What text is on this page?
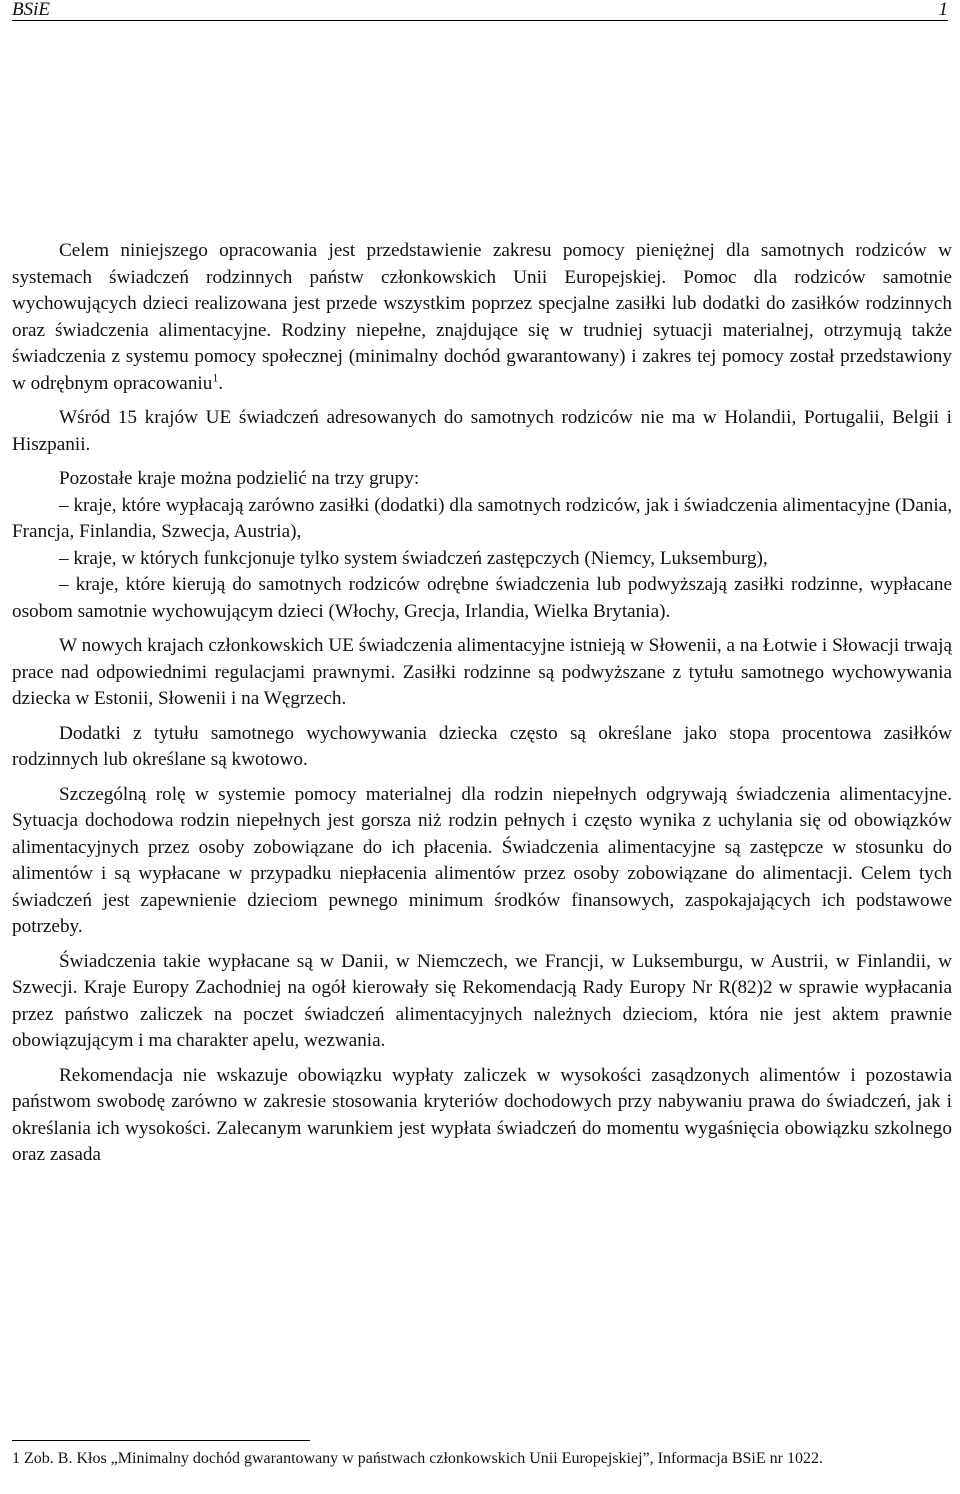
BSiE	1

Celem niniejszego opracowania jest przedstawienie zakresu pomocy pieniężnej dla samotnych rodziców w systemach świadczeń rodzinnych państw członkowskich Unii Europejskiej. Pomoc dla rodziców samotnie wychowujących dzieci realizowana jest przede wszystkim poprzez specjalne zasiłki lub dodatki do zasiłków rodzinnych oraz świadczenia alimentacyjne. Rodziny niepełne, znajdujące się w trudniej sytuacji materialnej, otrzymują także świadczenia z systemu pomocy społecznej (minimalny dochód gwarantowany) i zakres tej pomocy został przedstawiony w odrębnym opracowaniu$^1$.

Wśród 15 krajów UE świadczeń adresowanych do samotnych rodziców nie ma w Holandii, Portugalii, Belgii i Hiszpanii.

Pozostałe kraje można podzielić na trzy grupy:

– kraje, które wypłacają zarówno zasiłki (dodatki) dla samotnych rodziców, jak i świadczenia alimentacyjne (Dania, Francja, Finlandia, Szwecja, Austria),

– kraje, w których funkcjonuje tylko system świadczeń zastępczych (Niemcy, Luksemburg),

– kraje, które kierują do samotnych rodziców odrębne świadczenia lub podwyższają zasiłki rodzinne, wypłacane osobom samotnie wychowującym dzieci (Włochy, Grecja, Irlandia, Wielka Brytania).

W nowych krajach członkowskich UE świadczenia alimentacyjne istnieją w Słowenii, a na Łotwie i Słowacji trwają prace nad odpowiednimi regulacjami prawnymi. Zasiłki rodzinne są podwyższane z tytułu samotnego wychowywania dziecka w Estonii, Słowenii i na Węgrzech.

Dodatki z tytułu samotnego wychowywania dziecka często są określane jako stopa procentowa zasiłków rodzinnych lub określane są kwotowo.

Szczególną rolę w systemie pomocy materialnej dla rodzin niepełnych odgrywają świadczenia alimentacyjne. Sytuacja dochodowa rodzin niepełnych jest gorsza niż rodzin pełnych i często wynika z uchylania się od obowiązków alimentacyjnych przez osoby zobowiązane do ich płacenia. Świadczenia alimentacyjne są zastępcze w stosunku do alimentów i są wypłacane w przypadku niepłacenia alimentów przez osoby zobowiązane do alimentacji. Celem tych świadczeń jest zapewnienie dzieciom pewnego minimum środków finansowych, zaspokajających ich podstawowe potrzeby.

Świadczenia takie wypłacane są w Danii, w Niemczech, we Francji, w Luksemburgu, w Austrii, w Finlandii, w Szwecji. Kraje Europy Zachodniej na ogół kierowały się Rekomendacją Rady Europy Nr R(82)2 w sprawie wypłacania przez państwo zaliczek na poczet świadczeń alimentacyjnych należnych dzieciom, która nie jest aktem prawnie obowiązującym i ma charakter apelu, wezwania.

Rekomendacja nie wskazuje obowiązku wypłaty zaliczek w wysokości zasądzonych alimentów i pozostawia państwom swobodę zarówno w zakresie stosowania kryteriów dochodowych przy nabywaniu prawa do świadczeń, jak i określania ich wysokości. Zalecanym warunkiem jest wypłata świadczeń do momentu wygaśnięcia obowiązku szkolnego oraz zasada

1 Zob. B. Kłos „Minimalny dochód gwarantowany w państwach członkowskich Unii Europejskiej”, Informacja BSiE nr 1022.
